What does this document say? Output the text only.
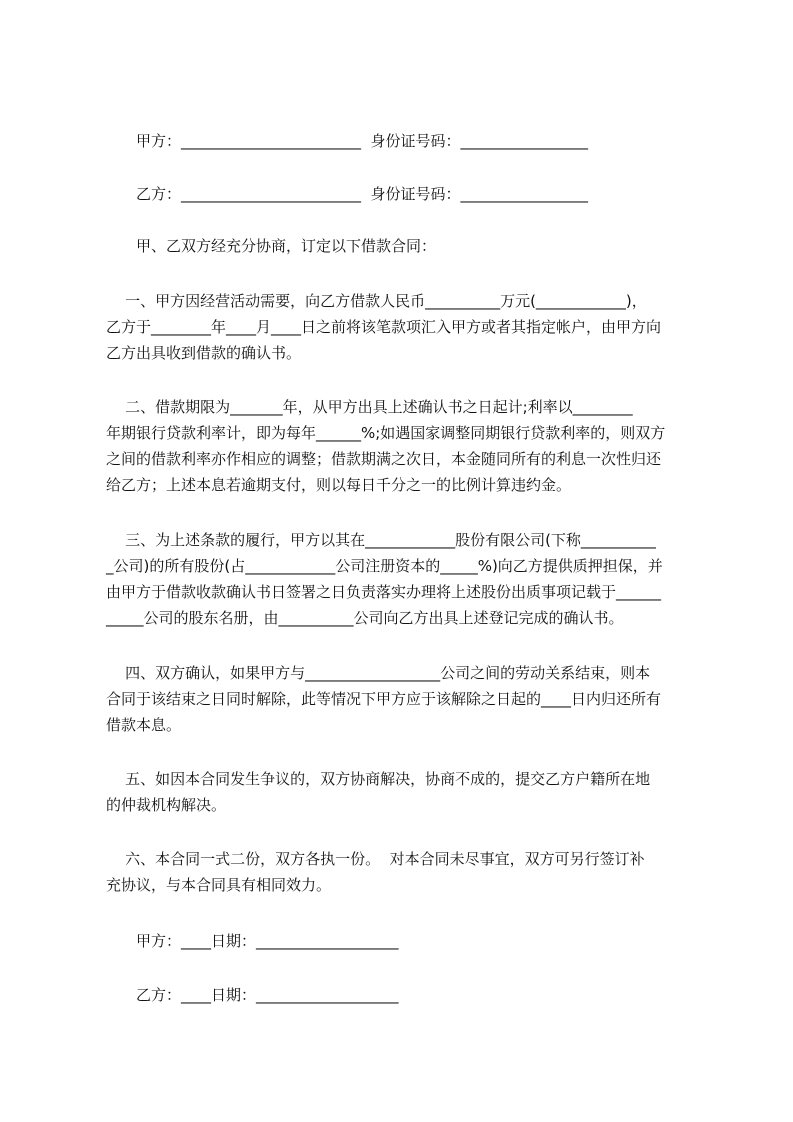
甲方：________________________  身份证号码：_________________

乙方：________________________  身份证号码：_________________

甲、乙双方经充分协商，订定以下借款合同：

一、甲方因经营活动需要，向乙方借款人民币__________万元(____________)，
乙方于________年____月____日之前将该笔款项汇入甲方或者其指定帐户，由甲方向
乙方出具收到借款的确认书。
二、借款期限为_______年，从甲方出具上述确认书之日起计;利率以________
年期银行贷款利率计，即为每年______%;如遇国家调整同期银行贷款利率的，则双方
之间的借款利率亦作相应的调整；借款期满之次日，本金随同所有的利息一次性归还
给乙方；上述本息若逾期支付，则以每日千分之一的比例计算违约金。
三、为上述条款的履行，甲方以其在____________股份有限公司(下称__________
_公司)的所有股份(占____________公司注册资本的_____%)向乙方提供质押担保，并
由甲方于借款收款确认书日签署之日负责落实办理将上述股份出质事项记载于______
_____公司的股东名册，由__________公司向乙方出具上述登记完成的确认书。
四、双方确认，如果甲方与__________________公司之间的劳动关系结束，则本
合同于该结束之日同时解除，此等情况下甲方应于该解除之日起的____日内归还所有
借款本息。
五、如因本合同发生争议的，双方协商解决，协商不成的，提交乙方户籍所在地
的仲裁机构解决。
六、本合同一式二份，双方各执一份。  对本合同未尽事宜，双方可另行签订补
充协议，与本合同具有相同效力。

甲方：____日期：___________________

乙方：____日期：___________________
